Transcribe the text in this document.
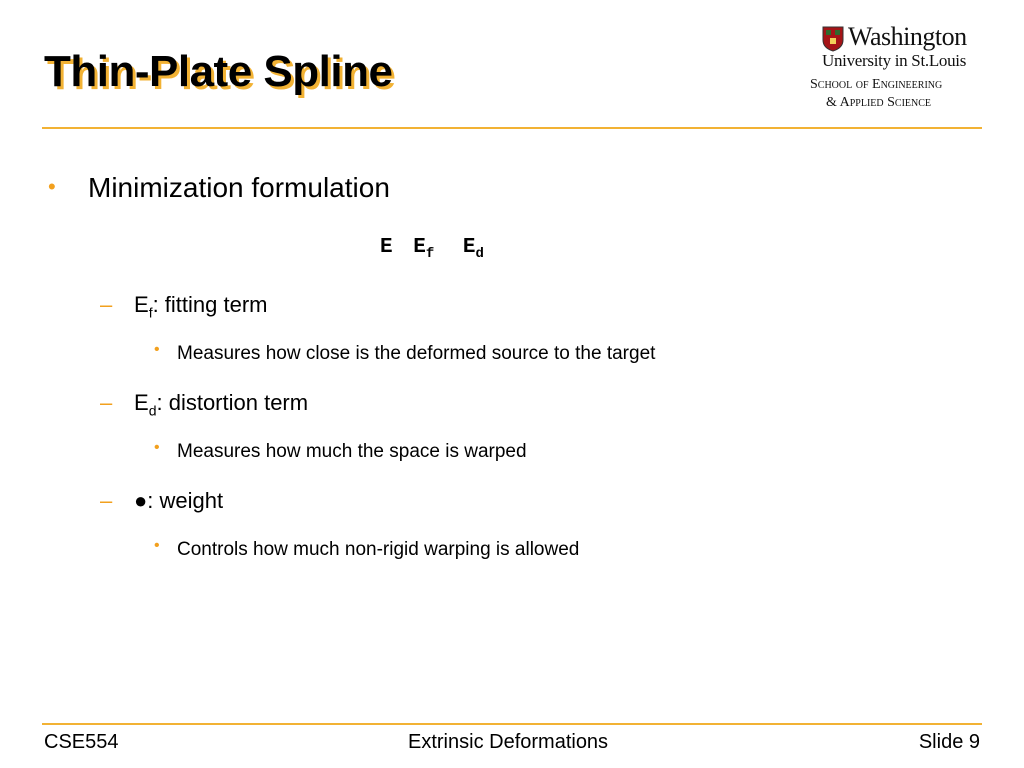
Thin-Plate Spline
Washington
University in St.Louis
School of Engineering
& Applied Science
• Minimization formulation
E $E_f$ $E_d$
– $E_f$: fitting term
• Measures how close is the deformed source to the target
– $E_d$: distortion term
• Measures how much the space is warped
– ●: weight
• Controls how much non-rigid warping is allowed
CSE554	Extrinsic Deformations	Slide 9
